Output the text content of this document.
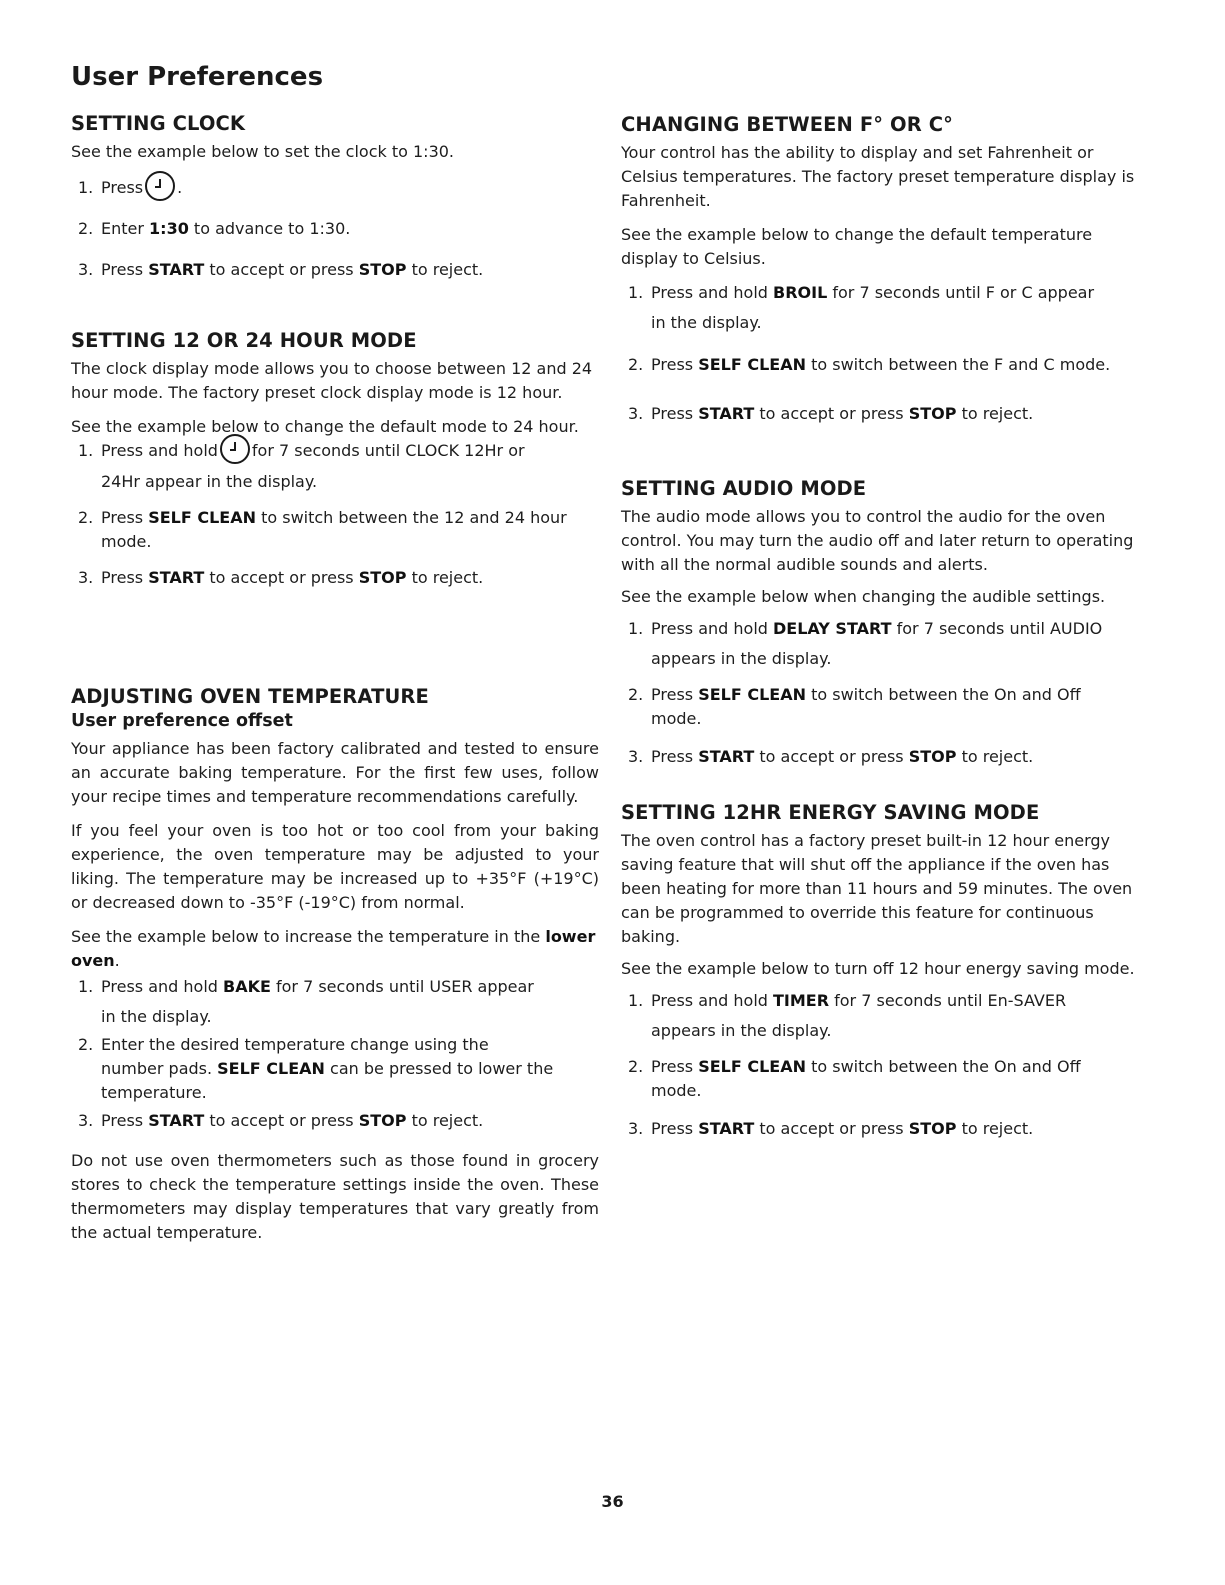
User Preferences
SETTING CLOCK

See the example below to set the clock to 1:30.

1. Press .
2. Enter 1:30 to advance to 1:30.
3. Press START to accept or press STOP to reject.
SETTING 12 OR 24 HOUR MODE

The clock display mode allows you to choose between 12 and 24 hour mode. The factory preset clock display mode is 12 hour.

See the example below to change the default mode to 24 hour.

1. Press and hold for 7 seconds until CLOCK 12Hr or
24Hr appear in the display.
2. Press SELF CLEAN to switch between the 12 and 24 hour
mode.
3. Press START to accept or press STOP to reject.
ADJUSTING OVEN TEMPERATURE
User preference offset

Your appliance has been factory calibrated and tested to ensure an accurate baking temperature. For the first few uses, follow your recipe times and temperature recommendations carefully.

If you feel your oven is too hot or too cool from your baking experience, the oven temperature may be adjusted to your liking. The temperature may be increased up to +35°F (+19°C) or decreased down to -35°F (-19°C) from normal.

See the example below to increase the temperature in the lower oven.

1. Press and hold BAKE for 7 seconds until USER appear
in the display.
2. Enter the desired temperature change using the
number pads. SELF CLEAN can be pressed to lower the
temperature.
3. Press START to accept or press STOP to reject.

Do not use oven thermometers such as those found in grocery stores to check the temperature settings inside the oven. These thermometers may display temperatures that vary greatly from the actual temperature.

CHANGING BETWEEN F° OR C°

Your control has the ability to display and set Fahrenheit or Celsius temperatures. The factory preset temperature display is Fahrenheit.

See the example below to change the default temperature display to Celsius.

1. Press and hold BROIL for 7 seconds until F or C appear
in the display.
2. Press SELF CLEAN to switch between the F and C mode.
3. Press START to accept or press STOP to reject.
SETTING AUDIO MODE

The audio mode allows you to control the audio for the oven control. You may turn the audio off and later return to operating with all the normal audible sounds and alerts.

See the example below when changing the audible settings.

1. Press and hold DELAY START for 7 seconds until AUDIO
appears in the display.
2. Press SELF CLEAN to switch between the On and Off
mode.
3. Press START to accept or press STOP to reject.
SETTING 12HR ENERGY SAVING MODE

The oven control has a factory preset built-in 12 hour energy saving feature that will shut off the appliance if the oven has been heating for more than 11 hours and 59 minutes. The oven can be programmed to override this feature for continuous baking.

See the example below to turn off 12 hour energy saving mode.

1. Press and hold TIMER for 7 seconds until En-SAVER
appears in the display.
2. Press SELF CLEAN to switch between the On and Off
mode.
3. Press START to accept or press STOP to reject.
36
